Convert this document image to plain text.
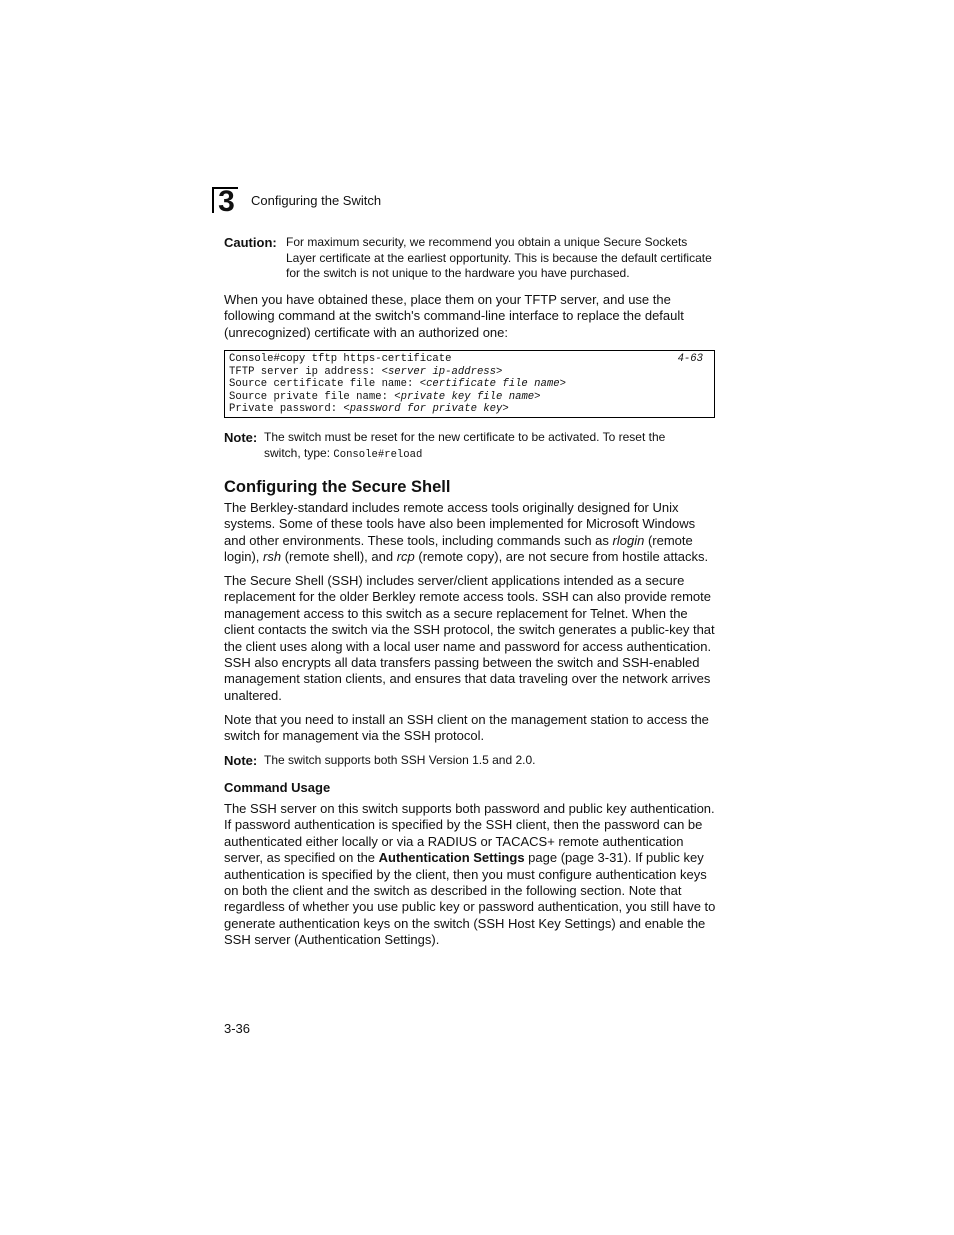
3 Configuring the Switch
Caution: For maximum security, we recommend you obtain a unique Secure Sockets Layer certificate at the earliest opportunity. This is because the default certificate for the switch is not unique to the hardware you have purchased.

When you have obtained these, place them on your TFTP server, and use the following command at the switch's command-line interface to replace the default (unrecognized) certificate with an authorized one:

4-63
Console#copy tftp https-certificate
TFTP server ip address: < server ip-address >
Source certificate file name: < certificate file name >
Source private file name: < private key file name >
Private password: < password for private key >
Note: The switch must be reset for the new certificate to be activated. To reset the switch, type: Console#reload
Configuring the Secure Shell

The Berkley-standard includes remote access tools originally designed for Unix systems. Some of these tools have also been implemented for Microsoft Windows and other environments. These tools, including commands such as rlogin (remote login), rsh (remote shell), and rcp (remote copy), are not secure from hostile attacks.

The Secure Shell (SSH) includes server/client applications intended as a secure replacement for the older Berkley remote access tools. SSH can also provide remote management access to this switch as a secure replacement for Telnet. When the client contacts the switch via the SSH protocol, the switch generates a public-key that the client uses along with a local user name and password for access authentication. SSH also encrypts all data transfers passing between the switch and SSH-enabled management station clients, and ensures that data traveling over the network arrives unaltered.

Note that you need to install an SSH client on the management station to access the switch for management via the SSH protocol.

Note: The switch supports both SSH Version 1.5 and 2.0.
Command Usage

The SSH server on this switch supports both password and public key authentication. If password authentication is specified by the SSH client, then the password can be authenticated either locally or via a RADIUS or TACACS+ remote authentication server, as specified on the Authentication Settings page (page 3-31). If public key authentication is specified by the client, then you must configure authentication keys on both the client and the switch as described in the following section. Note that regardless of whether you use public key or password authentication, you still have to generate authentication keys on the switch (SSH Host Key Settings) and enable the SSH server (Authentication Settings).

3-36
